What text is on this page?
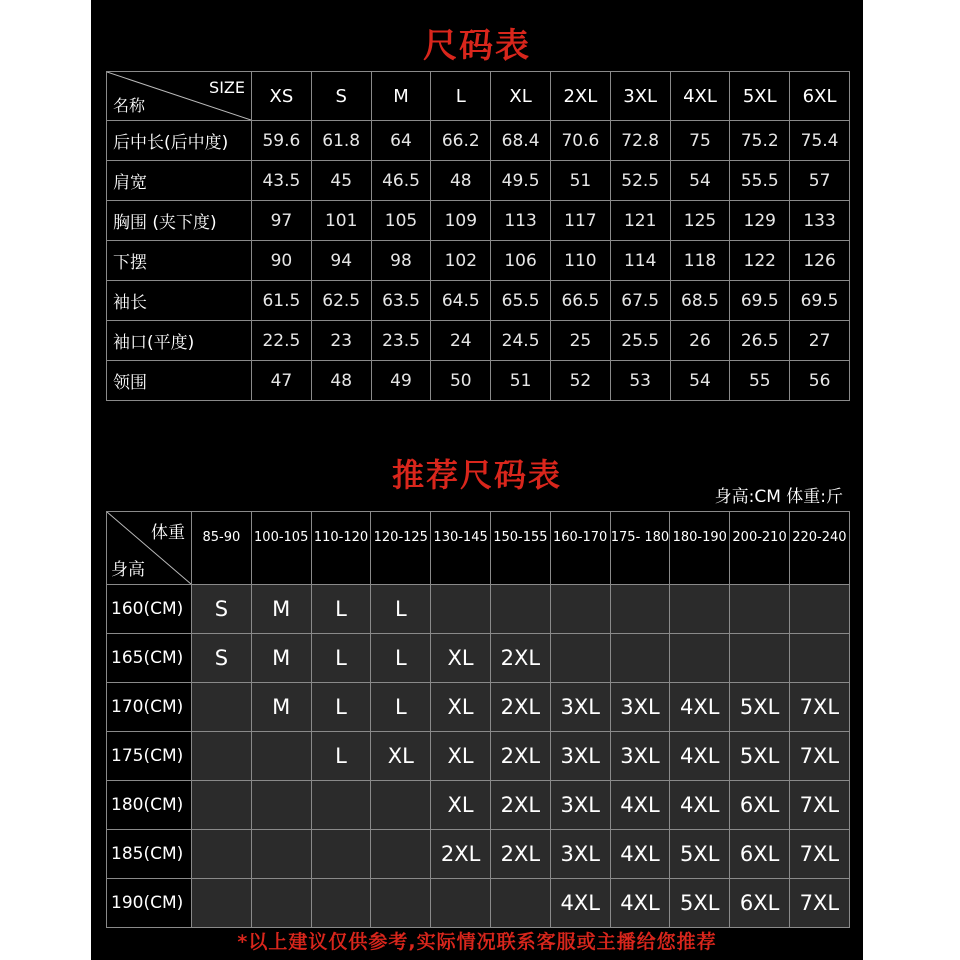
尺码表
SIZE
名称	XS	S	M	L	XL	2XL	3XL	4XL	5XL	6XL
后中长(后中度)	59.6	61.8	64	66.2	68.4	70.6	72.8	75	75.2	75.4
肩宽	43.5	45	46.5	48	49.5	51	52.5	54	55.5	57
胸围 (夹下度)	97	101	105	109	113	117	121	125	129	133
下摆	90	94	98	102	106	110	114	118	122	126
袖长	61.5	62.5	63.5	64.5	65.5	66.5	67.5	68.5	69.5	69.5
袖口(平度)	22.5	23	23.5	24	24.5	25	25.5	26	26.5	27
领围	47	48	49	50	51	52	53	54	55	56
推荐尺码表
身高:CM 体重:斤
体重
身高	85-90	100-105	110-120	120-125	130-145	150-155	160-170	175- 180	180-190	200-210	220-240
160(CM)	S	M	L	L							
165(CM)	S	M	L	L	XL	2XL					
170(CM)		M	L	L	XL	2XL	3XL	3XL	4XL	5XL	7XL
175(CM)			L	XL	XL	2XL	3XL	3XL	4XL	5XL	7XL
180(CM)					XL	2XL	3XL	4XL	4XL	6XL	7XL
185(CM)					2XL	2XL	3XL	4XL	5XL	6XL	7XL
190(CM)							4XL	4XL	5XL	6XL	7XL
*以上建议仅供参考,实际情况联系客服或主播给您推荐
